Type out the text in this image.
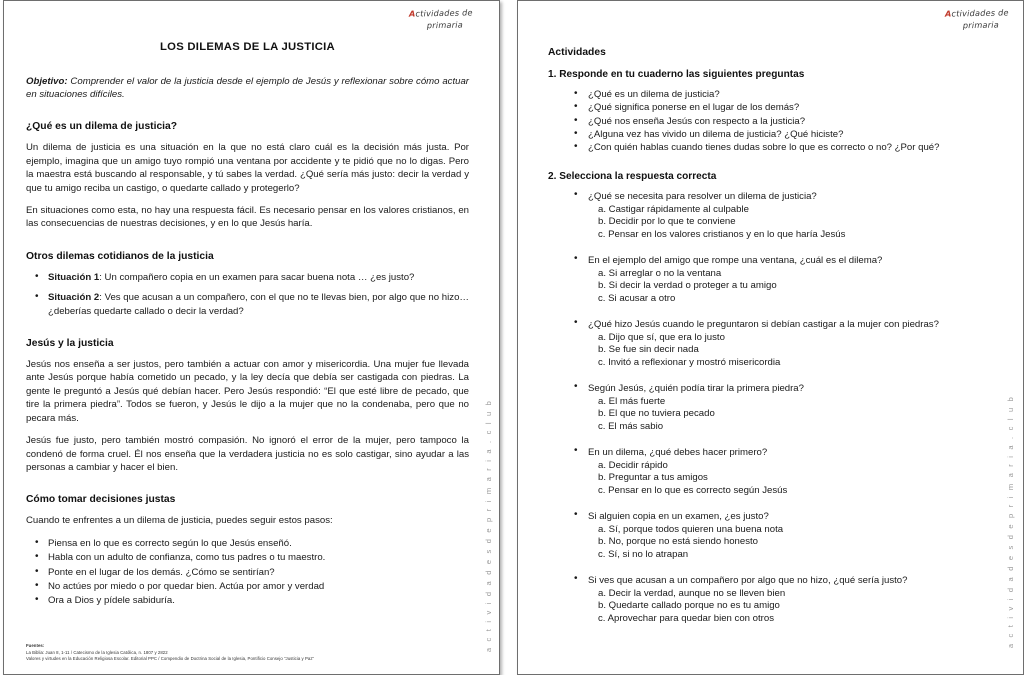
Actividades de
primaria
LOS DILEMAS DE LA JUSTICIA

Objetivo: Comprender el valor de la justicia desde el ejemplo de Jesús y reflexionar sobre cómo actuar en situaciones difíciles.

¿Qué es un dilema de justicia?

Un dilema de justicia es una situación en la que no está claro cuál es la decisión más justa. Por ejemplo, imagina que un amigo tuyo rompió una ventana por accidente y te pidió que no lo digas. Pero la maestra está buscando al responsable, y tú sabes la verdad. ¿Qué sería más justo: decir la verdad y que tu amigo reciba un castigo, o quedarte callado y protegerlo?

En situaciones como esta, no hay una respuesta fácil. Es necesario pensar en los valores cristianos, en las consecuencias de nuestras decisiones, y en lo que Jesús haría.

Otros dilemas cotidianos de la justicia
• Situación 1: Un compañero copia en un examen para sacar buena nota … ¿es justo?
• Situación 2: Ves que acusan a un compañero, con el que no te llevas bien, por algo que no hizo… ¿deberías quedarte callado o decir la verdad?
Jesús y la justicia

Jesús nos enseña a ser justos, pero también a actuar con amor y misericordia. Una mujer fue llevada ante Jesús porque había cometido un pecado, y la ley decía que debía ser castigada con piedras. La gente le preguntó a Jesús qué debían hacer. Pero Jesús respondió: “El que esté libre de pecado, que tire la primera piedra”. Todos se fueron, y Jesús le dijo a la mujer que no la condenaba, pero que no pecara más.

Jesús fue justo, pero también mostró compasión. No ignoró el error de la mujer, pero tampoco la condenó de forma cruel. Él nos enseña que la verdadera justicia no es solo castigar, sino ayudar a las personas a cambiar y hacer el bien.

Cómo tomar decisiones justas

Cuando te enfrentes a un dilema de justicia, puedes seguir estos pasos:

• Piensa en lo que es correcto según lo que Jesús enseñó.
• Habla con un adulto de confianza, como tus padres o tu maestro.
• Ponte en el lugar de los demás. ¿Cómo se sentirían?
• No actúes por miedo o por quedar bien. Actúa por amor y verdad
• Ora a Dios y pídele sabiduría.
Fuentes:
La Biblia: Juan 8, 1-11 / Catecismo de la Iglesia Católica, n. 1807 y 2822
Valores y virtudes en la Educación Religiosa Escolar. Editorial PPC / Compendio de Doctrina Social de la Iglesia, Pontificio Consejo “Justicia y Paz”
a c t i v i d a d e s d e p r i m a r i a . c l u b
Actividades de
primaria
Actividades
1. Responde en tu cuaderno las siguientes preguntas
• ¿Qué es un dilema de justicia?
• ¿Qué significa ponerse en el lugar de los demás?
• ¿Qué nos enseña Jesús con respecto a la justicia?
• ¿Alguna vez has vivido un dilema de justicia? ¿Qué hiciste?
• ¿Con quién hablas cuando tienes dudas sobre lo que es correcto o no? ¿Por qué?
2. Selecciona la respuesta correcta
• ¿Qué se necesita para resolver un dilema de justicia?
a. Castigar rápidamente al culpable
b. Decidir por lo que te conviene
c. Pensar en los valores cristianos y en lo que haría Jesús
• En el ejemplo del amigo que rompe una ventana, ¿cuál es el dilema?
a. Si arreglar o no la ventana
b. Si decir la verdad o proteger a tu amigo
c. Si acusar a otro
• ¿Qué hizo Jesús cuando le preguntaron si debían castigar a la mujer con piedras?
a. Dijo que sí, que era lo justo
b. Se fue sin decir nada
c. Invitó a reflexionar y mostró misericordia
• Según Jesús, ¿quién podía tirar la primera piedra?
a. El más fuerte
b. El que no tuviera pecado
c. El más sabio
• En un dilema, ¿qué debes hacer primero?
a. Decidir rápido
b. Preguntar a tus amigos
c. Pensar en lo que es correcto según Jesús
• Si alguien copia en un examen, ¿es justo?
a. Sí, porque todos quieren una buena nota
b. No, porque no está siendo honesto
c. Sí, si no lo atrapan
• Si ves que acusan a un compañero por algo que no hizo, ¿qué sería justo?
a. Decir la verdad, aunque no se lleven bien
b. Quedarte callado porque no es tu amigo
c. Aprovechar para quedar bien con otros	a c t i v i d a d e s d e p r i m a r i a . c l u b
